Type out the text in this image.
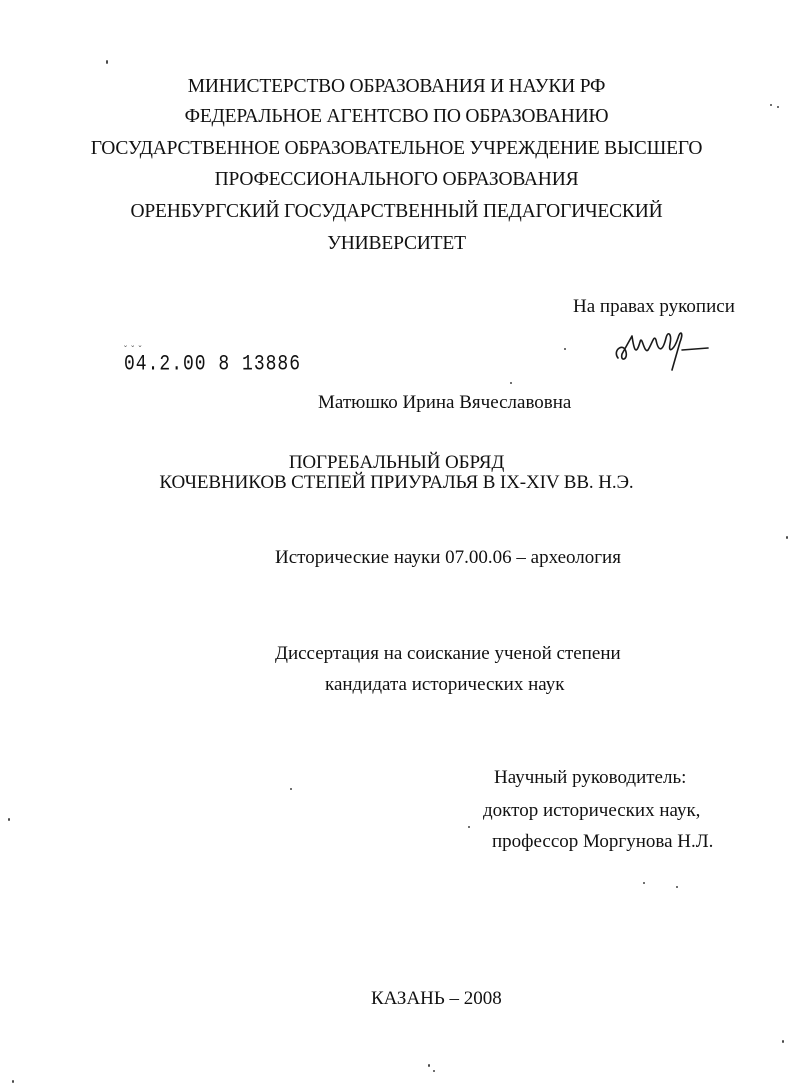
МИНИСТЕРСТВО ОБРАЗОВАНИЯ И НАУКИ РФ
ФЕДЕРАЛЬНОЕ АГЕНТСВО ПО ОБРАЗОВАНИЮ
ГОСУДАРСТВЕННОЕ ОБРАЗОВАТЕЛЬНОЕ УЧРЕЖДЕНИЕ ВЫСШЕГО
ПРОФЕССИОНАЛЬНОГО ОБРАЗОВАНИЯ
ОРЕНБУРГСКИЙ ГОСУДАРСТВЕННЫЙ ПЕДАГОГИЧЕСКИЙ
УНИВЕРСИТЕТ
На правах рукописи
˘ ˘ ˘
04.2.00 8 13886
Матюшко Ирина Вячеславовна
ПОГРЕБАЛЬНЫЙ ОБРЯД
КОЧЕВНИКОВ СТЕПЕЙ ПРИУРАЛЬЯ В IX-XIV ВВ. Н.Э.
Исторические науки 07.00.06 – археология
Диссертация на соискание ученой степени
кандидата исторических наук
Научный руководитель:
доктор исторических наук,
профессор Моргунова Н.Л.
КАЗАНЬ – 2008
